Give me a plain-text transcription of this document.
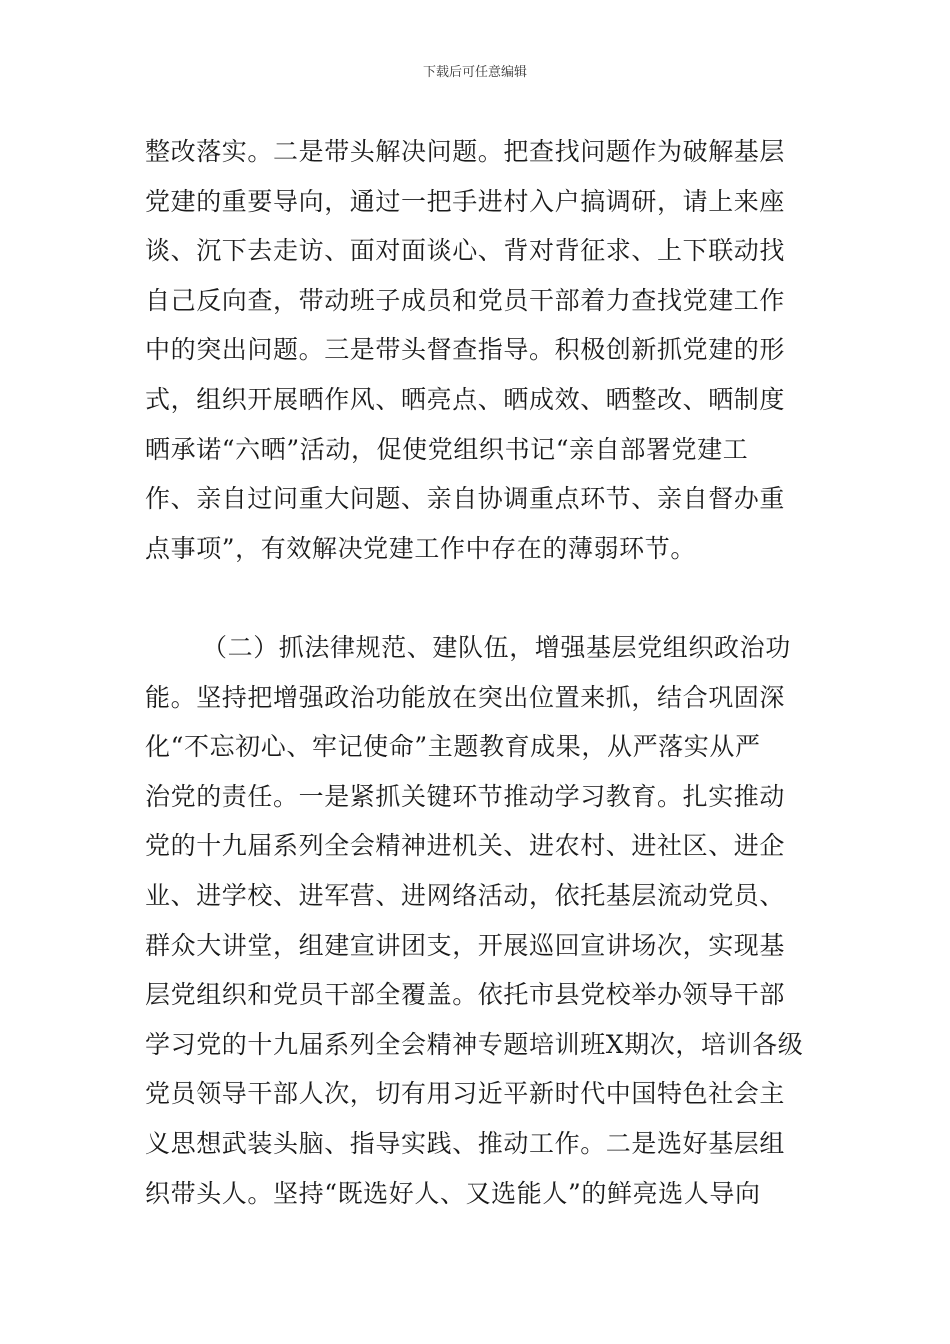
下载后可任意编辑
整改落实。二是带头解决问题。把查找问题作为破解基层
党建的重要导向，通过一把手进村入户搞调研，请上来座
谈、沉下去走访、面对面谈心、背对背征求、上下联动找
自己反向查，带动班子成员和党员干部着力查找党建工作
中的突出问题。三是带头督查指导。积极创新抓党建的形
式，组织开展晒作风、晒亮点、晒成效、晒整改、晒制度
晒承诺“六晒”活动，促使党组织书记“亲自部署党建工
作、亲自过问重大问题、亲自协调重点环节、亲自督办重
点事项”，有效解决党建工作中存在的薄弱环节。
（二）抓法律规范、建队伍，增强基层党组织政治功
能。坚持把增强政治功能放在突出位置来抓，结合巩固深
化“不忘初心、牢记使命”主题教育成果，从严落实从严
治党的责任。一是紧抓关键环节推动学习教育。扎实推动
党的十九届系列全会精神进机关、进农村、进社区、进企
业、进学校、进军营、进网络活动，依托基层流动党员、
群众大讲堂，组建宣讲团支，开展巡回宣讲场次，实现基
层党组织和党员干部全覆盖。依托市县党校举办领导干部
学习党的十九届系列全会精神专题培训班X期次，培训各级
党员领导干部人次，切有用习近平新时代中国特色社会主
义思想武装头脑、指导实践、推动工作。二是选好基层组
织带头人。坚持“既选好人、又选能人”的鲜亮选人导向
